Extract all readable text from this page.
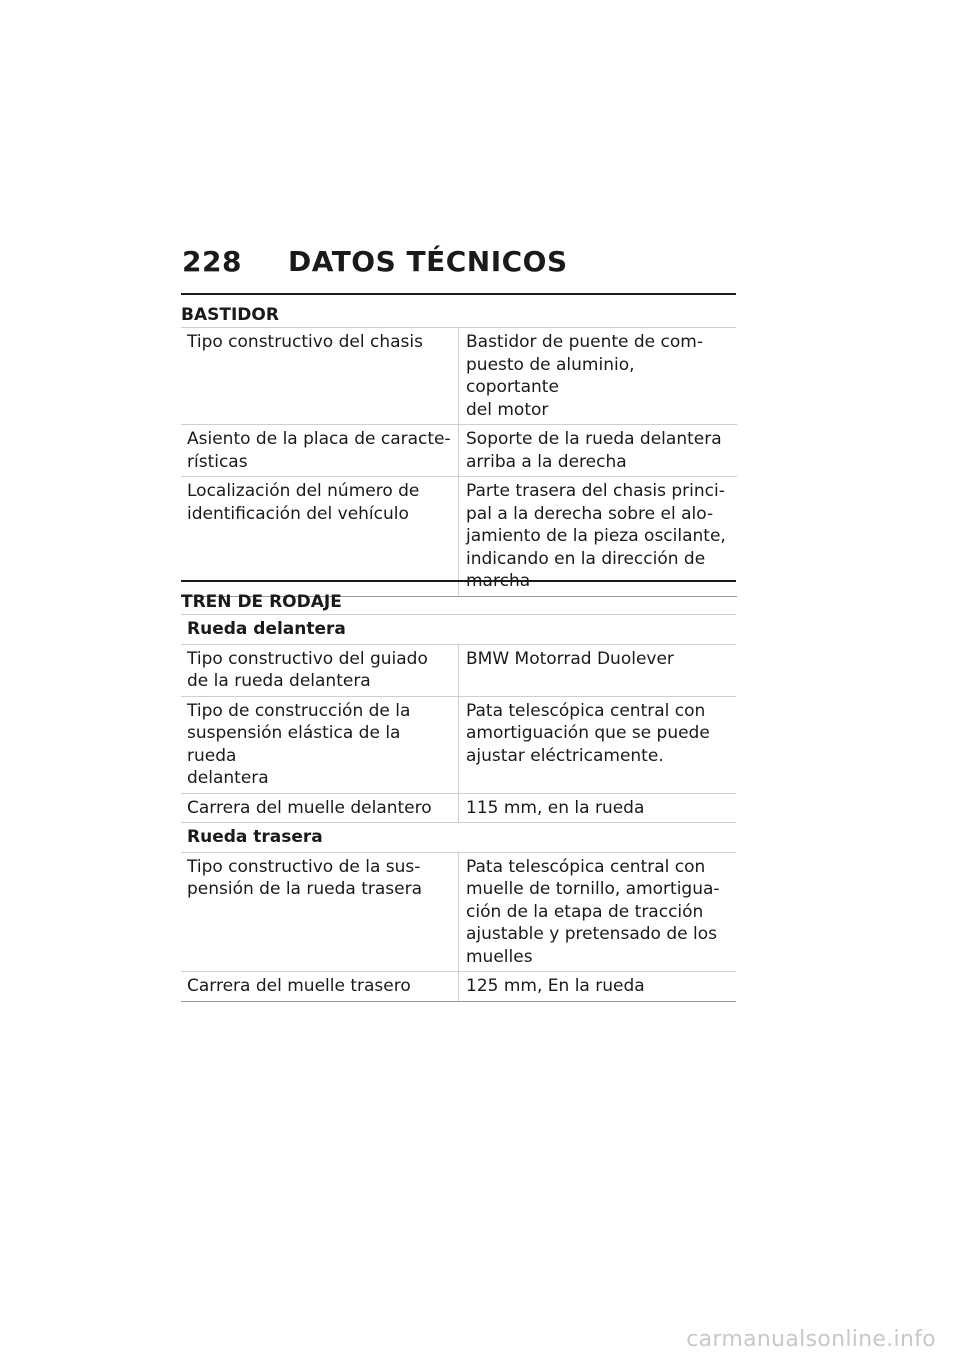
228 DATOS TÉCNICOS
BASTIDOR
Tipo constructivo del chasis	Bastidor de puente de com-
puesto de aluminio, coportante
del motor
Asiento de la placa de caracte-
rísticas	Soporte de la rueda delantera
arriba a la derecha
Localización del número de
identificación del vehículo	Parte trasera del chasis princi-
pal a la derecha sobre el alo-
jamiento de la pieza oscilante,
indicando en la dirección de
marcha
TREN DE RODAJE
Rueda delantera	
Tipo constructivo del guiado
de la rueda delantera	BMW Motorrad Duolever
Tipo de construcción de la
suspensión elástica de la rueda
delantera	Pata telescópica central con
amortiguación que se puede
ajustar eléctricamente.
Carrera del muelle delantero	115 mm, en la rueda
Rueda trasera	
Tipo constructivo de la sus-
pensión de la rueda trasera	Pata telescópica central con
muelle de tornillo, amortigua-
ción de la etapa de tracción
ajustable y pretensado de los
muelles
Carrera del muelle trasero	125 mm, En la rueda
carmanualsonline.info
